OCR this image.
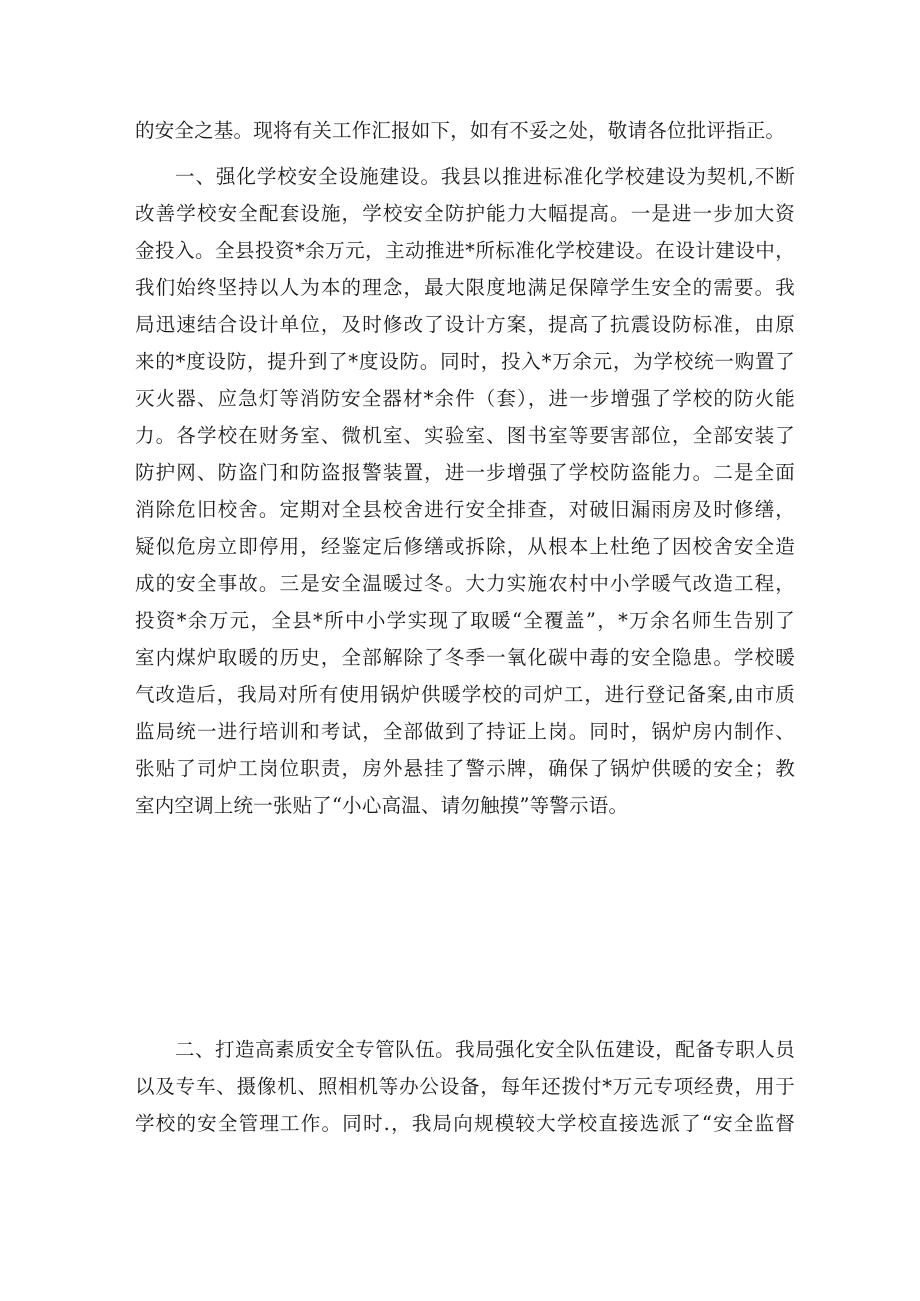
的安全之基。现将有关工作汇报如下，如有不妥之处，敬请各位批评指正。
一、强化学校安全设施建设。我县以推进标准化学校建设为契机,不断
改善学校安全配套设施，学校安全防护能力大幅提高。一是进一步加大资
金投入。全县投资*余万元，主动推进*所标准化学校建设。在设计建设中，
我们始终坚持以人为本的理念，最大限度地满足保障学生安全的需要。我
局迅速结合设计单位，及时修改了设计方案，提高了抗震设防标准，由原
来的*度设防，提升到了*度设防。同时，投入*万余元，为学校统一购置了
灭火器、应急灯等消防安全器材*余件（套），进一步增强了学校的防火能
力。各学校在财务室、微机室、实验室、图书室等要害部位，全部安装了
防护网、防盗门和防盗报警装置，进一步增强了学校防盗能力。二是全面
消除危旧校舍。定期对全县校舍进行安全排查，对破旧漏雨房及时修缮，
疑似危房立即停用，经鉴定后修缮或拆除，从根本上杜绝了因校舍安全造
成的安全事故。三是安全温暖过冬。大力实施农村中小学暖气改造工程，
投资*余万元，全县*所中小学实现了取暖“全覆盖”，*万余名师生告别了
室内煤炉取暖的历史，全部解除了冬季一氧化碳中毒的安全隐患。学校暖
气改造后，我局对所有使用锅炉供暖学校的司炉工，进行登记备案,由市质
监局统一进行培训和考试，全部做到了持证上岗。同时，锅炉房内制作、
张贴了司炉工岗位职责，房外悬挂了警示牌，确保了锅炉供暖的安全；教
室内空调上统一张贴了“小心高温、请勿触摸”等警示语。
二、打造高素质安全专管队伍。我局强化安全队伍建设，配备专职人员
以及专车、摄像机、照相机等办公设备，每年还拨付*万元专项经费，用于
学校的安全管理工作。同时.，我局向规模较大学校直接选派了“安全监督
